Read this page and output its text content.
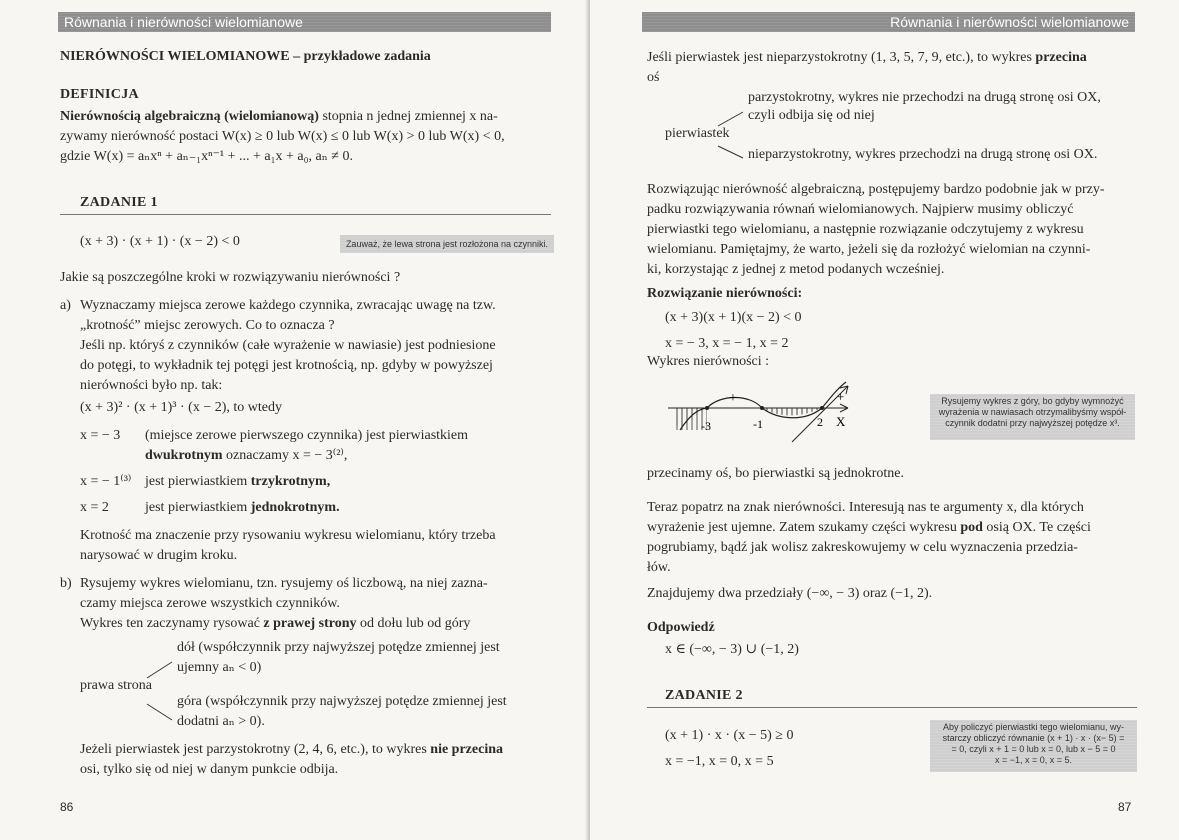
Równania i nierówności wielomianowe
NIERÓWNOŚCI WIELOMIANOWE – przykładowe zadania
DEFINICJA
Nierównością algebraiczną (wielomianową) stopnia n jednej zmiennej x na-
zywamy nierówność postaci W(x) ≥ 0 lub W(x) ≤ 0 lub W(x) > 0 lub W(x) < 0,
gdzie W(x) = aₙxⁿ + aₙ₋₁xⁿ⁻¹ + ... + a₁x + a₀, aₙ ≠ 0.
ZADANIE 1
(x + 3) · (x + 1) · (x − 2) < 0	Zauważ, że lewa strona jest rozłożona na czynniki.
Jakie są poszczególne kroki w rozwiązywaniu nierówności ?
a) Wyznaczamy miejsca zerowe każdego czynnika, zwracając uwagę na tzw.
„krotność” miejsc zerowych. Co to oznacza ?
Jeśli np. któryś z czynników (całe wyrażenie w nawiasie) jest podniesione
do potęgi, to wykładnik tej potęgi jest krotnością, np. gdyby w powyższej
nierówności było np. tak:
(x + 3)² · (x + 1)³ · (x − 2), to wtedy
x = − 3 (miejsce zerowe pierwszego czynnika) jest pierwiastkiem
dwukrotnym oznaczamy x = − 3⁽²⁾,
x = − 1⁽³⁾ jest pierwiastkiem trzykrotnym,
x = 2	jest pierwiastkiem jednokrotnym.
Krotność ma znaczenie przy rysowaniu wykresu wielomianu, który trzeba
narysować w drugim kroku.
b) Rysujemy wykres wielomianu, tzn. rysujemy oś liczbową, na niej zazna-
czamy miejsca zerowe wszystkich czynników.
Wykres ten zaczynamy rysować z prawej strony od dołu lub od góry
dół (współczynnik przy najwyższej potędze zmiennej jest
ujemny aₙ < 0)
prawa strona
góra (współczynnik przy najwyższej potędze zmiennej jest
dodatni aₙ > 0).
Jeżeli pierwiastek jest parzystokrotny (2, 4, 6, etc.), to wykres nie przecina
osi, tylko się od niej w danym punkcie odbija.
86
Równania i nierówności wielomianowe
Jeśli pierwiastek jest nieparzystokrotny (1, 3, 5, 7, 9, etc.), to wykres przecina
oś
parzystokrotny, wykres nie przechodzi na drugą stronę osi OX,
czyli odbija się od niej
pierwiastek
nieparzystokrotny, wykres przechodzi na drugą stronę osi OX.
Rozwiązując nierówność algebraiczną, postępujemy bardzo podobnie jak w przy-
padku rozwiązywania równań wielomianowych. Najpierw musimy obliczyć
pierwiastki tego wielomianu, a następnie rozwiązanie odczytujemy z wykresu
wielomianu. Pamiętajmy, że warto, jeżeli się da rozłożyć wielomian na czynni-
ki, korzystając z jednej z metod podanych wcześniej.
Rozwiązanie nierówności:
(x + 3)(x + 1)(x − 2) < 0
x = − 3, x = − 1, x = 2
Wykres nierówności :
-3	-1	2 X
+	+	Rysujemy wykres z góry, bo gdyby wymnożyć
wyrażenia w nawiasach otrzymalibyśmy współ-
czynnik dodatni przy najwyższej potędze x³.
przecinamy oś, bo pierwiastki są jednokrotne.
Teraz popatrz na znak nierówności. Interesują nas te argumenty x, dla których
wyrażenie jest ujemne. Zatem szukamy części wykresu pod osią OX. Te części
pogrubiamy, bądź jak wolisz zakreskowujemy w celu wyznaczenia przedzia-
łów.
Znajdujemy dwa przedziały (−∞, − 3) oraz (−1, 2).
Odpowiedź
x ∈ (−∞, − 3) ∪ (−1, 2)
ZADANIE 2
(x + 1) · x · (x − 5) ≥ 0
x = −1, x = 0, x = 5
Aby policzyć pierwiastki tego wielomianu, wy-
starczy obliczyć równanie (x + 1) · x · (x− 5) =
= 0, czyli x + 1 = 0 lub x = 0, lub x − 5 = 0
x = −1, x = 0, x = 5.
87
